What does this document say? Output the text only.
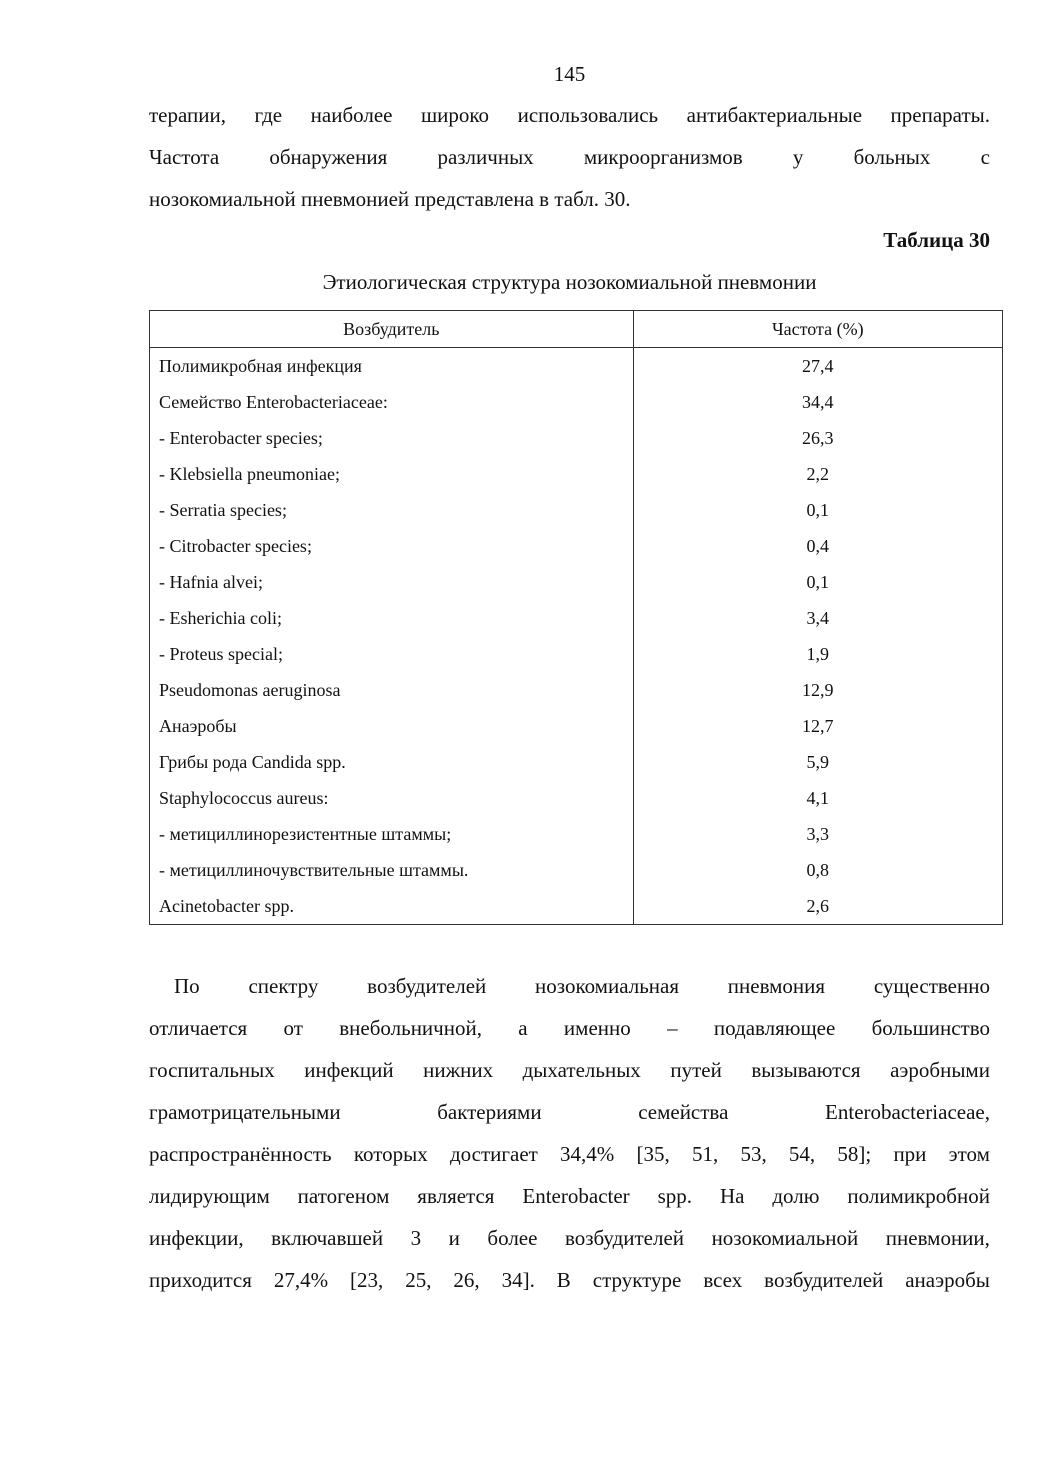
145
терапии, где наиболее широко использовались антибактериальные препараты.
Частота обнаружения различных микроорганизмов у больных с
нозокомиальной пневмонией представлена в табл. 30.
Таблица 30
Этиологическая структура нозокомиальной пневмонии
Возбудитель	Частота (%)
Полимикробная инфекция	27,4
Семейство Enterobacteriaceae:	34,4
- Enterobacter species;	26,3
- Klebsiella pneumoniae;	2,2
- Serratia species;	0,1
- Citrobacter species;	0,4
- Hafnia alvei;	0,1
- Esherichia coli;	3,4
- Proteus special;	1,9
Pseudomonas aeruginosa	12,9
Анаэробы	12,7
Грибы рода Candida spp.	5,9
Staphylococcus aureus:	4,1
- метициллинорезистентные штаммы;	3,3
- метициллиночувствительные штаммы.	0,8
Acinetobacter spp.	2,6
По спектру возбудителей нозокомиальная пневмония существенно
отличается от внебольничной, а именно – подавляющее большинство
госпитальных инфекций нижних дыхательных путей вызываются аэробными
грамотрицательными	бактериями	семейства	Enterobacteriaceae,
распространённость которых достигает 34,4% [35, 51, 53, 54, 58]; при этом
лидирующим патогеном является Enterobacter spp. На долю полимикробной
инфекции, включавшей 3 и более возбудителей нозокомиальной пневмонии,
приходится 27,4% [23, 25, 26, 34]. В структуре всех возбудителей анаэробы
